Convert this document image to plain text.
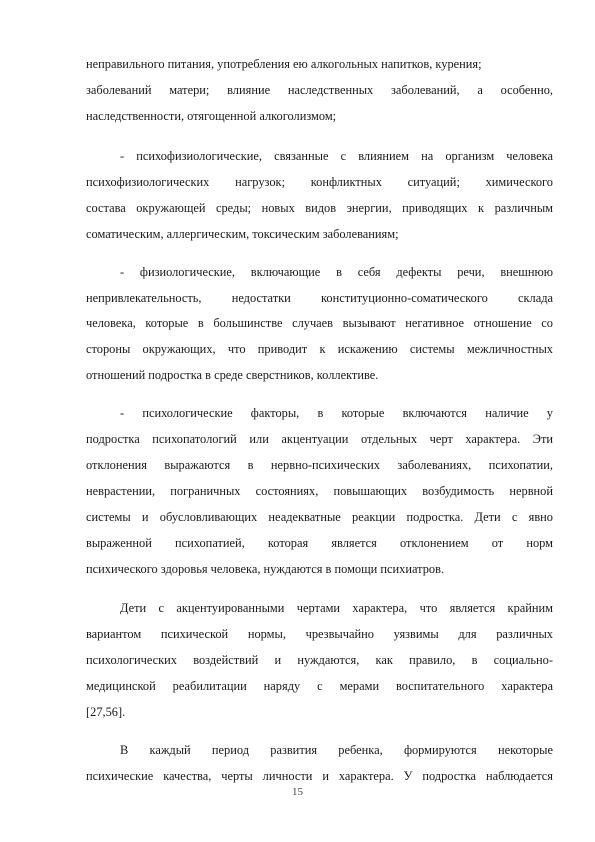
неправильного питания, употребления ею алкогольных напитков, курения;
заболеваний матери; влияние наследственных заболеваний, а особенно,
наследственности, отягощенной алкоголизмом;
- психофизиологические, связанные с влиянием на организм человека
психофизиологических нагрузок; конфликтных ситуаций; химического
состава окружающей среды; новых видов энергии, приводящих к различным
соматическим, аллергическим, токсическим заболеваниям;
- физиологические, включающие в себя дефекты речи, внешнюю
непривлекательность, недостатки конституционно-соматического склада
человека, которые в большинстве случаев вызывают негативное отношение со
стороны окружающих, что приводит к искажению системы межличностных
отношений подростка в среде сверстников, коллективе.
- психологические факторы, в которые включаются наличие у
подростка психопатологий или акцентуации отдельных черт характера. Эти
отклонения выражаются в нервно-психических заболеваниях, психопатии,
неврастении, пограничных состояниях, повышающих возбудимость нервной
системы и обусловливающих неадекватные реакции подростка. Дети с явно
выраженной психопатией, которая является отклонением от норм
психического здоровья человека, нуждаются в помощи психиатров.
Дети с акцентуированными чертами характера, что является крайним
вариантом психической нормы, чрезвычайно уязвимы для различных
психологических воздействий и нуждаются, как правило, в социально-
медицинской реабилитации наряду с мерами воспитательного характера
[27,56].
В каждый период развития ребенка, формируются некоторые
психические качества, черты личности и характера. У подростка наблюдается
15
